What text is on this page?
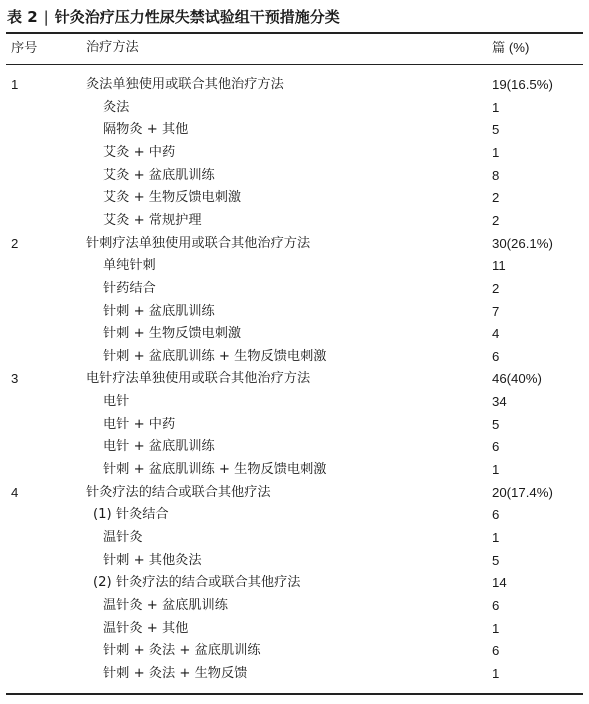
表 2 | 针灸治疗压力性尿失禁试验组干预措施分类
序号	治疗方法	篇 (%)
1	灸法单独使用或联合其他治疗方法	19(16.5%)
灸法	1
隔物灸 + 其他	5
艾灸 + 中药	1
艾灸 + 盆底肌训练	8
艾灸 + 生物反馈电刺激	2
艾灸 + 常规护理	2
2	针刺疗法单独使用或联合其他治疗方法	30(26.1%)
单纯针刺	11
针药结合	2
针刺 + 盆底肌训练	7
针刺 + 生物反馈电刺激	4
针刺 + 盆底肌训练 + 生物反馈电刺激	6
3	电针疗法单独使用或联合其他治疗方法	46(40%)
电针	34
电针 + 中药	5
电针 + 盆底肌训练	6
针刺 + 盆底肌训练 + 生物反馈电刺激	1
4	针灸疗法的结合或联合其他疗法	20(17.4%)
(1) 针灸结合	6
温针灸	1
针刺 + 其他灸法	5
(2) 针灸疗法的结合或联合其他疗法	14
温针灸 + 盆底肌训练	6
温针灸 + 其他	1
针刺 + 灸法 + 盆底肌训练	6
针刺 + 灸法 + 生物反馈	1
